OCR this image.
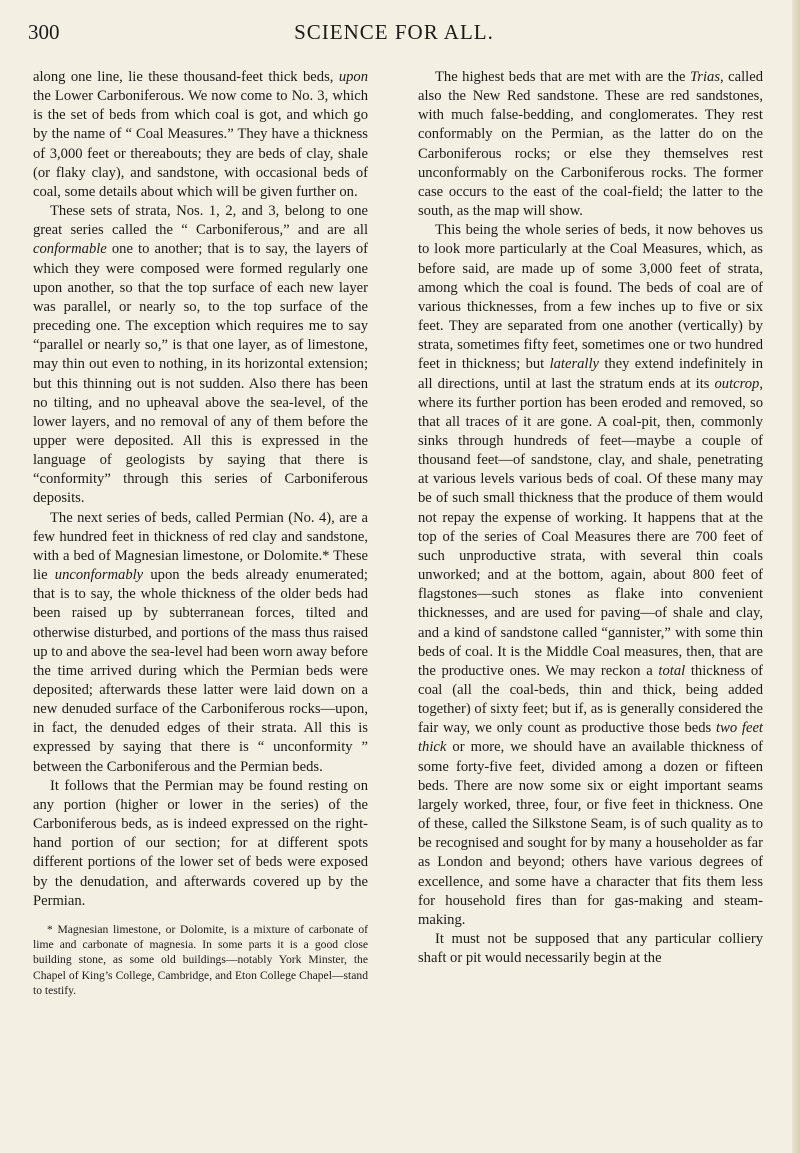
300	SCIENCE FOR ALL.

along one line, lie these thousand-feet thick beds, upon the Lower Carboniferous. We now come to No. 3, which is the set of beds from which coal is got, and which go by the name of “ Coal Measures.” They have a thickness of 3,000 feet or thereabouts; they are beds of clay, shale (or flaky clay), and sandstone, with occasional beds of coal, some details about which will be given further on.

These sets of strata, Nos. 1, 2, and 3, belong to one great series called the “ Carboniferous,” and are all conformable one to another; that is to say, the layers of which they were composed were formed regularly one upon another, so that the top surface of each new layer was parallel, or nearly so, to the top surface of the preceding one. The exception which requires me to say “parallel or nearly so,” is that one layer, as of limestone, may thin out even to nothing, in its horizontal extension; but this thinning out is not sudden. Also there has been no tilting, and no upheaval above the sea-level, of the lower layers, and no removal of any of them before the upper were deposited. All this is expressed in the language of geologists by saying that there is “conformity” through this series of Carboniferous deposits.

The next series of beds, called Permian (No. 4), are a few hundred feet in thickness of red clay and sandstone, with a bed of Magnesian limestone, or Dolomite.* These lie unconformably upon the beds already enumerated; that is to say, the whole thickness of the older beds had been raised up by subterranean forces, tilted and otherwise disturbed, and portions of the mass thus raised up to and above the sea-level had been worn away before the time arrived during which the Permian beds were deposited; afterwards these latter were laid down on a new denuded surface of the Carboniferous rocks—upon, in fact, the denuded edges of their strata. All this is expressed by saying that there is “ unconformity ” between the Carboniferous and the Permian beds.

It follows that the Permian may be found resting on any portion (higher or lower in the series) of the Carboniferous beds, as is indeed expressed on the right-hand portion of our section; for at different spots different portions of the lower set of beds were exposed by the denudation, and afterwards covered up by the Permian.

* Magnesian limestone, or Dolomite, is a mixture of carbonate of lime and carbonate of magnesia. In some parts it is a good close building stone, as some old buildings—notably York Minster, the Chapel of King’s College, Cambridge, and Eton College Chapel—stand to testify.

The highest beds that are met with are the Trias, called also the New Red sandstone. These are red sandstones, with much false-bedding, and conglomerates. They rest conformably on the Permian, as the latter do on the Carboniferous rocks; or else they themselves rest unconformably on the Carboniferous rocks. The former case occurs to the east of the coal-field; the latter to the south, as the map will show.

This being the whole series of beds, it now behoves us to look more particularly at the Coal Measures, which, as before said, are made up of some 3,000 feet of strata, among which the coal is found. The beds of coal are of various thicknesses, from a few inches up to five or six feet. They are separated from one another (vertically) by strata, sometimes fifty feet, sometimes one or two hundred feet in thickness; but laterally they extend indefinitely in all directions, until at last the stratum ends at its outcrop, where its further portion has been eroded and removed, so that all traces of it are gone. A coal-pit, then, commonly sinks through hundreds of feet—maybe a couple of thousand feet—of sandstone, clay, and shale, penetrating at various levels various beds of coal. Of these many may be of such small thickness that the produce of them would not repay the expense of working. It happens that at the top of the series of Coal Measures there are 700 feet of such unproductive strata, with several thin coals unworked; and at the bottom, again, about 800 feet of flagstones—such stones as flake into convenient thicknesses, and are used for paving—of shale and clay, and a kind of sandstone called “gannister,” with some thin beds of coal. It is the Middle Coal measures, then, that are the productive ones. We may reckon a total thickness of coal (all the coal-beds, thin and thick, being added together) of sixty feet; but if, as is generally considered the fair way, we only count as productive those beds two feet thick or more, we should have an available thickness of some forty-five feet, divided among a dozen or fifteen beds. There are now some six or eight important seams largely worked, three, four, or five feet in thickness. One of these, called the Silkstone Seam, is of such quality as to be recognised and sought for by many a householder as far as London and beyond; others have various degrees of excellence, and some have a character that fits them less for household fires than for gas-making and steam-making.

It must not be supposed that any particular colliery shaft or pit would necessarily begin at the
